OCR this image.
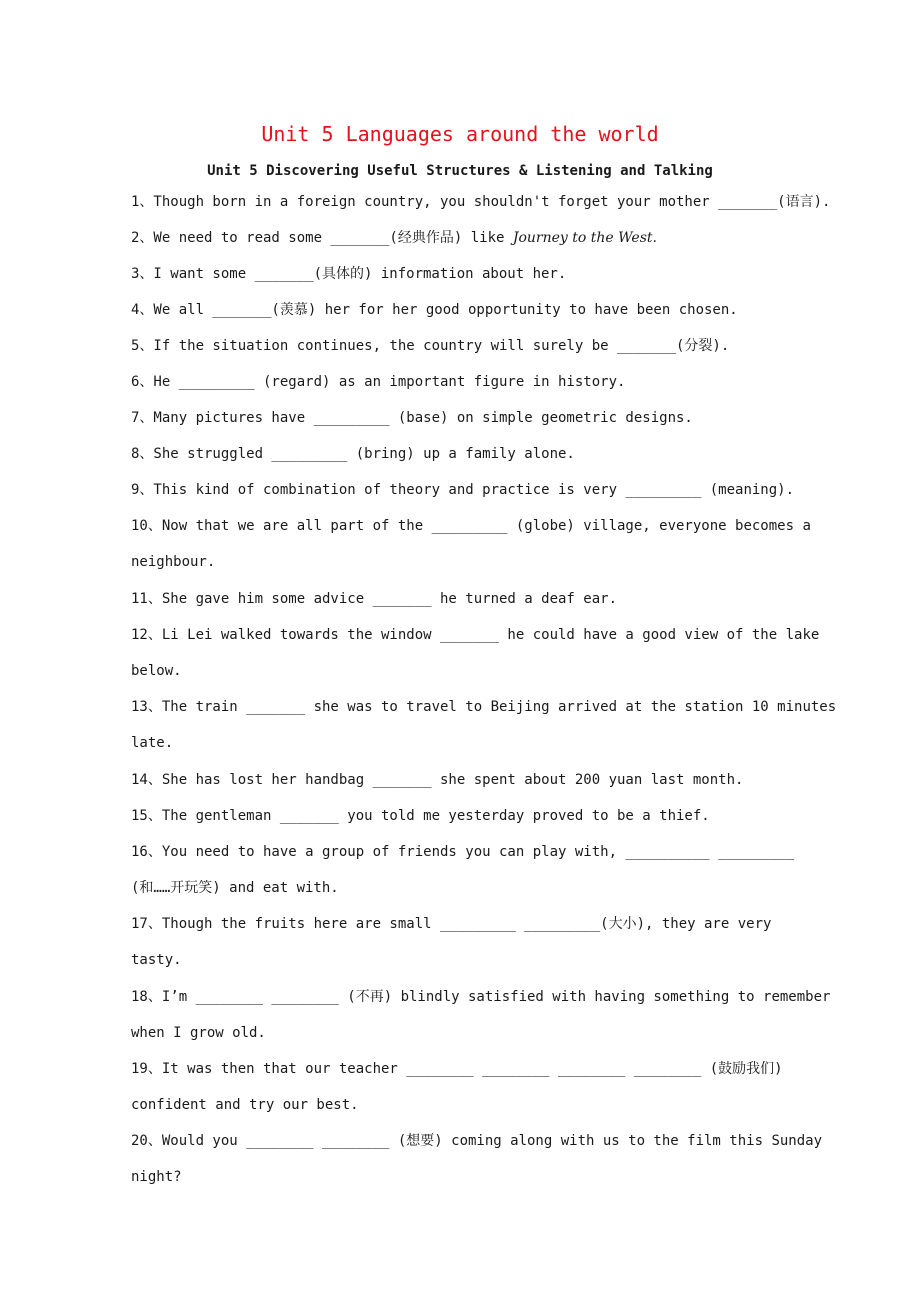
Unit 5 Languages around the world
Unit 5 Discovering Useful Structures & Listening and Talking
1、Though born in a foreign country, you shouldn't forget your mother _______(语言).
2、We need to read some _______(经典作品) like Journey to the West.
3、I want some _______(具体的) information about her.
4、We all _______(羡慕) her for her good opportunity to have been chosen.
5、If the situation continues, the country will surely be _______(分裂).
6、He _________ (regard) as an important figure in history.
7、Many pictures have _________ (base) on simple geometric designs.
8、She struggled _________ (bring) up a family alone.
9、This kind of combination of theory and practice is very _________ (meaning).
10、Now that we are all part of the _________ (globe) village, everyone becomes a
neighbour.
11、She gave him some advice _______ he turned a deaf ear.
12、Li Lei walked towards the window _______ he could have a good view of the lake
below.
13、The train _______ she was to travel to Beijing arrived at the station 10 minutes
late.
14、She has lost her handbag _______ she spent about 200 yuan last month.
15、The gentleman _______ you told me yesterday proved to be a thief.
16、You need to have a group of friends you can play with, __________ _________
(和……开玩笑) and eat with.
17、Though the fruits here are small _________ _________(大小), they are very
tasty.
18、I’m ________ ________ (不再) blindly satisfied with having something to remember
when I grow old.
19、It was then that our teacher ________ ________ ________ ________ (鼓励我们)
confident and try our best.
20、Would you ________ ________ (想要) coming along with us to the film this Sunday
night?
